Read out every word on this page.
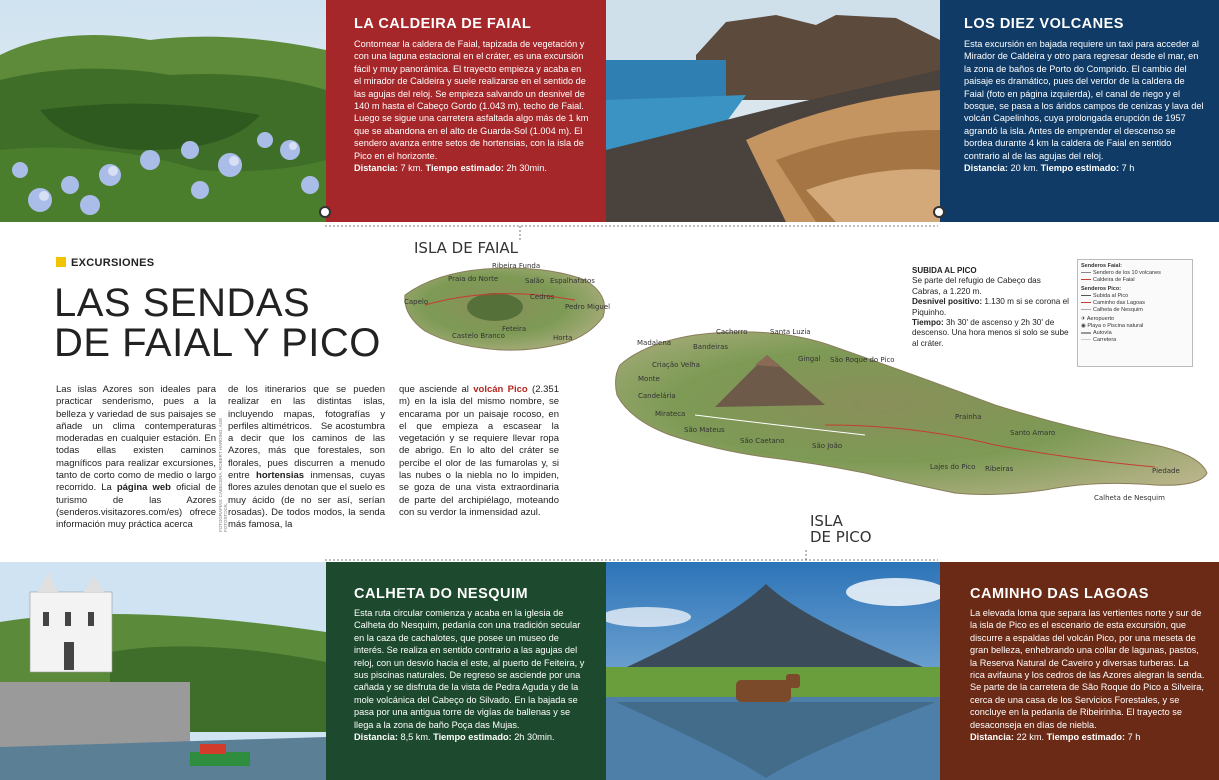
LA CALDEIRA DE FAIAL

Contornear la caldera de Faial, tapizada de vegetación y con una laguna estacional en el cráter, es una excursión fácil y muy panorámica. El trayecto empieza y acaba en el mirador de Caldeira y suele realizarse en el sentido de las agujas del reloj. Se empieza salvando un desnivel de 140 m hasta el Cabeço Gordo (1.043 m), techo de Faial. Luego se sigue una carretera asfaltada algo más de 1 km que se abandona en el alto de Guarda-Sol (1.004 m). El sendero avanza entre setos de hortensias, con la isla de Pico en el horizonte.

Distancia: 7 km. Tiempo estimado: 2h 30min.
LOS DIEZ VOLCANES

Esta excursión en bajada requiere un taxi para acceder al Mirador de Caldeira y otro para regresar desde el mar, en la zona de baños de Porto do Comprido. El cambio del paisaje es dramático, pues del verdor de la caldera de Faial (foto en página izquierda), el canal de riego y el bosque, se pasa a los áridos campos de cenizas y lava del volcán Capelinhos, cuya prolongada erupción de 1957 agrandó la isla. Antes de emprender el descenso se bordea durante 4 km la caldera de Faial en sentido contrario al de las agujas del reloj.

Distancia: 20 km. Tiempo estimado: 7 h
EXCURSIONES
LAS SENDAS
DE FAIAL Y PICO
Las islas Azores son ideales para practicar senderismo, pues a la belleza y variedad de sus paisajes se añade un clima contemperaturas moderadas en cualquier estación. En todas ellas existen caminos magníficos para realizar excursiones, tanto de corto como de medio o largo recorrido. La página web oficial de turismo de las Azores (senderos.visitazores.com/es) ofrece información muy práctica acerca	FOTOGRAFÍAS: CABECERA, ROBERT HARDING, AGE FOTOSTOCK.
de los itinerarios que se pueden realizar en las distintas islas, incluyendo mapas, fotografías y perfiles altimétricos.   Se acostumbra a decir que los caminos de las Azores, más que forestales, son florales, pues discurren a menudo entre hortensias inmensas, cuyas flores azules denotan que el suelo es muy ácido (de no ser así, serían rosadas). De todos modos, la senda más famosa, la
que asciende al volcán Pico (2.351 m) en la isla del mismo nombre, se encarama por un paisaje rocoso, en el que empieza a escasear la vegetación y se requiere llevar ropa de abrigo. En lo alto del cráter se percibe el olor de las fumarolas y, si las nubes o la niebla no lo impiden, se goza de una vista extraordinaria de parte del archipiélago, moteando con su verdor la inmensidad azul.
ISLA DE FAIAL
ISLA
DE PICO
Ribeira Funda
Praia do Norte	Salão Espalhafatos
Capelo
Cedros
Pedro Miguel
Castelo Branco	Horta
Feteira
Madalena
Cachorro
Bandeiras
Santa Luzia
Criação Velha
Gingal São Roque do Pico
Monte
Candelária
Prainha
Mirateca
São Mateus	Santo Amaro
São Caetano
São João
Lajes do Pico Ribeiras	Piedade
Calheta de Nesquim
SUBIDA AL PICO
Se parte del refugio de Cabeço das Cabras, a 1.220 m.
Desnivel positivo: 1.130 m si se corona el Piquinho.
Tiempo: 3h 30' de ascenso y 2h 30' de descenso. Una hora menos si solo se sube al cráter.
Senderos Faial:
Sendero de los 10 volcanes
Caldeira de Faial
Senderos Pico:
Subida al Pico
Caminho das Lagoas
Calheta de Nesquim
✈ Aeropuerto
◉ Playa o Piscina natural
Autovía
Carretera
CALHETA DO NESQUIM

Esta ruta circular comienza y acaba en la iglesia de Calheta do Nesquim, pedanía con una tradición secular en la caza de cachalotes, que posee un museo de interés. Se realiza en sentido contrario a las agujas del reloj, con un desvío hacia el este, al puerto de Feiteira, y sus piscinas naturales. De regreso se asciende por una cañada y se disfruta de la vista de Pedra Aguda y de la mole volcánica del Cabeço do Silvado. En la bajada se pasa por una antigua torre de vigías de ballenas y se llega a la zona de baño Poça das Mujas.

Distancia: 8,5 km. Tiempo estimado: 2h 30min.
CAMINHO DAS LAGOAS

La elevada loma que separa las vertientes norte y sur de la isla de Pico es el escenario de esta excursión, que discurre a espaldas del volcán Pico, por una meseta de gran belleza, enhebrando una collar de lagunas, pastos, la Reserva Natural de Caveiro y diversas turberas. La rica avifauna y los cedros de las Azores alegran la senda. Se parte de la carretera de São Roque do Pico a Silveira, cerca de una casa de los Servicios Forestales, y se concluye en la pedanía de Ribeirinha. El trayecto se desaconseja en días de niebla.

Distancia: 22 km. Tiempo estimado: 7 h
